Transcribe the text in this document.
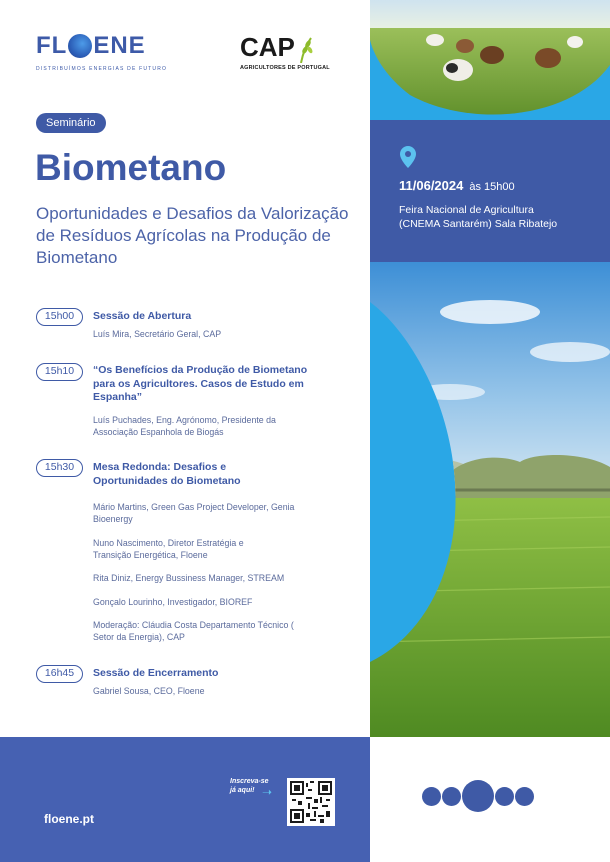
FL ENE
DISTRIBUÍMOS ENERGIAS DE FUTURO
CAP
AGRICULTORES DE PORTUGAL
Seminário
Biometano
Oportunidades e Desafios da Valorização de Resíduos Agrícolas na Produção de Biometano
15h00	Sessão de Abertura
Luís Mira, Secretário Geral, CAP
15h10	“Os Benefícios da Produção de Biometano para os Agricultores. Casos de Estudo em Espanha”
Luís Puchades, Eng. Agrónomo, Presidente da Associação Espanhola de Biogás
15h30	Mesa Redonda: Desafios e Oportunidades do Biometano
Mário Martins, Green Gas Project Developer, Genia Bioenergy
Nuno Nascimento, Diretor Estratégia e Transição Energética, Floene
Rita Diniz, Energy Bussiness Manager, STREAM
Gonçalo Lourinho, Investigador, BIOREF
Moderação: Cláudia Costa Departamento Técnico ( Setor da Energia), CAP
16h45	Sessão de Encerramento
Gabriel Sousa, CEO, Floene
11/06/2024 às 15h00
Feira Nacional de Agricultura
(CNEMA Santarém) Sala Ribatejo
floene.pt
Inscreva-se
já aqui! ➝
